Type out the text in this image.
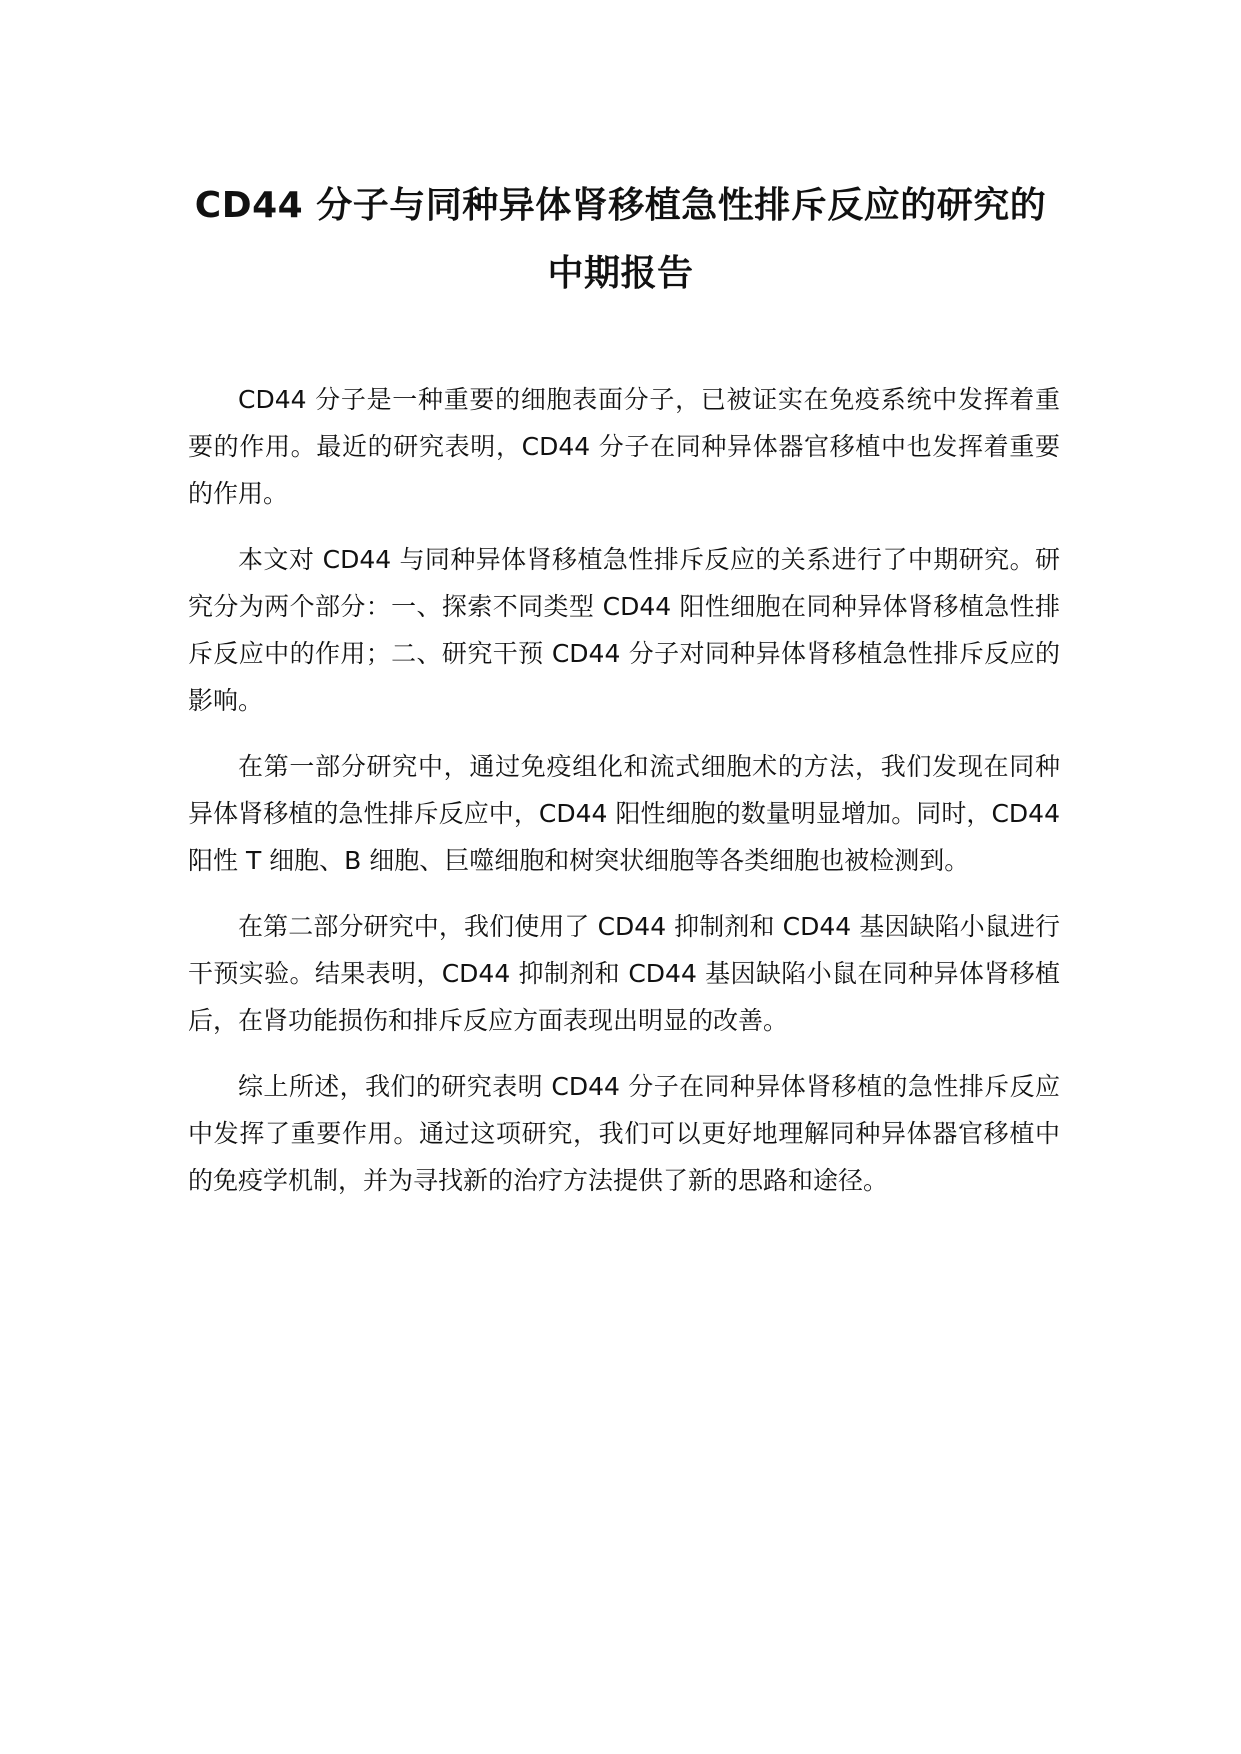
CD44 分子与同种异体肾移植急性排斥反应的研究的
中期报告

CD44 分子是一种重要的细胞表面分子，已被证实在免疫系统中发挥着重要的作用。最近的研究表明，CD44 分子在同种异体器官移植中也发挥着重要的作用。

本文对 CD44 与同种异体肾移植急性排斥反应的关系进行了中期研究。研究分为两个部分：一、探索不同类型 CD44 阳性细胞在同种异体肾移植急性排斥反应中的作用；二、研究干预 CD44 分子对同种异体肾移植急性排斥反应的影响。

在第一部分研究中，通过免疫组化和流式细胞术的方法，我们发现在同种异体肾移植的急性排斥反应中，CD44 阳性细胞的数量明显增加。同时，CD44 阳性 T 细胞、B 细胞、巨噬细胞和树突状细胞等各类细胞也被检测到。

在第二部分研究中，我们使用了 CD44 抑制剂和 CD44 基因缺陷小鼠进行干预实验。结果表明，CD44 抑制剂和 CD44 基因缺陷小鼠在同种异体肾移植后，在肾功能损伤和排斥反应方面表现出明显的改善。

综上所述，我们的研究表明 CD44 分子在同种异体肾移植的急性排斥反应中发挥了重要作用。通过这项研究，我们可以更好地理解同种异体器官移植中的免疫学机制，并为寻找新的治疗方法提供了新的思路和途径。
